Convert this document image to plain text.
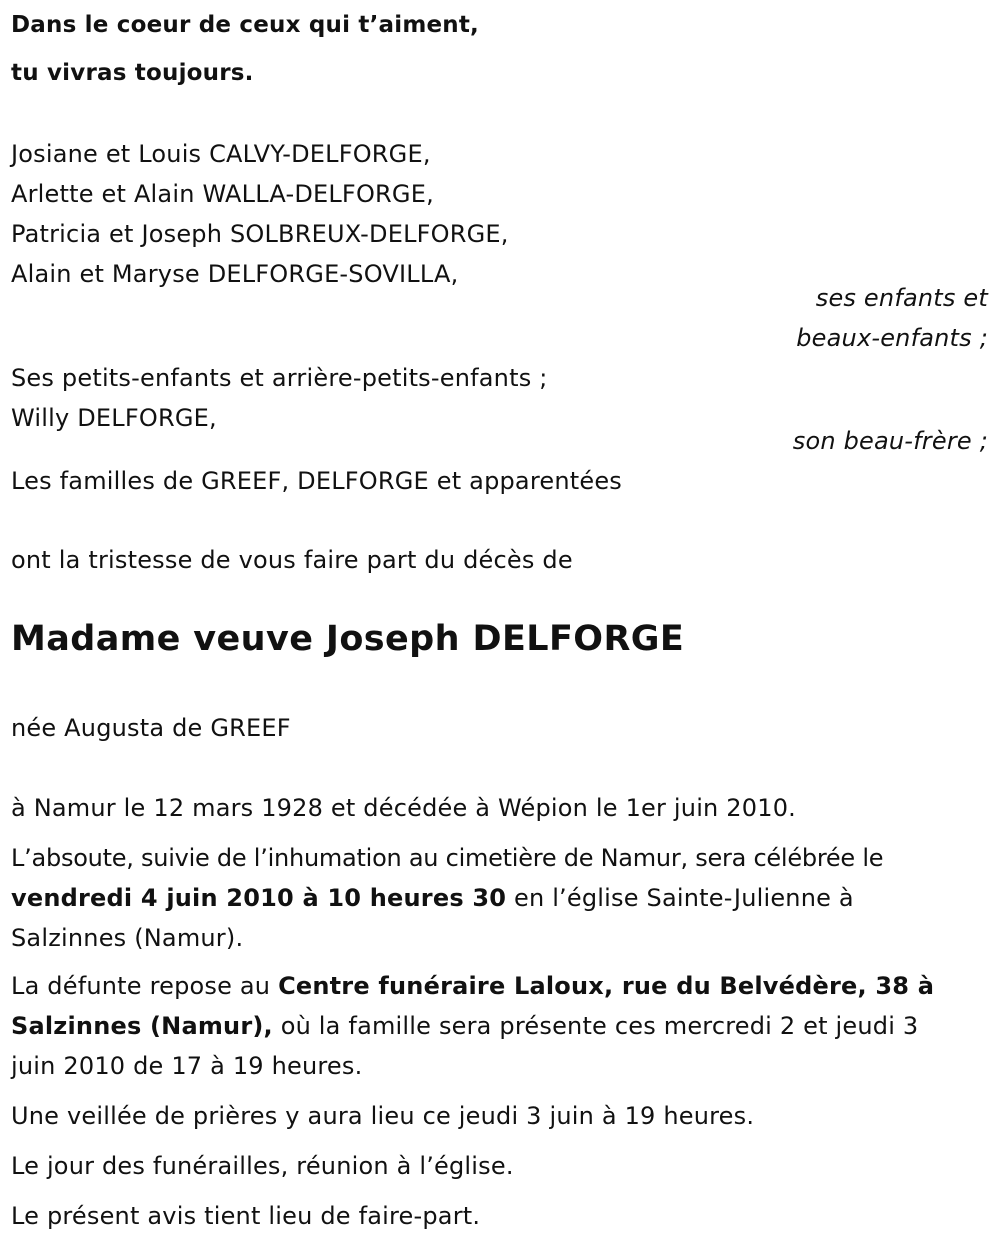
Dans le coeur de ceux qui t’aiment,
tu vivras toujours.
Josiane et Louis CALVY-DELFORGE,
Arlette et Alain WALLA-DELFORGE,
Patricia et Joseph SOLBREUX-DELFORGE,
Alain et Maryse DELFORGE-SOVILLA,
ses enfants et
beaux-enfants ;
Ses petits-enfants et arrière-petits-enfants ;
Willy DELFORGE,
son beau-frère ;
Les familles de GREEF, DELFORGE et apparentées
ont la tristesse de vous faire part du décès de
Madame veuve Joseph DELFORGE
née Augusta de GREEF
à Namur le 12 mars 1928 et décédée à Wépion le 1er juin 2010.
L’absoute, suivie de l’inhumation au cimetière de Namur, sera célébrée le
vendredi 4 juin 2010 à 10 heures 30 en l’église Sainte-Julienne à
Salzinnes (Namur).
La défunte repose au Centre funéraire Laloux, rue du Belvédère, 38 à
Salzinnes (Namur), où la famille sera présente ces mercredi 2 et jeudi 3
juin 2010 de 17 à 19 heures.
Une veillée de prières y aura lieu ce jeudi 3 juin à 19 heures.
Le jour des funérailles, réunion à l’église.
Le présent avis tient lieu de faire-part.
